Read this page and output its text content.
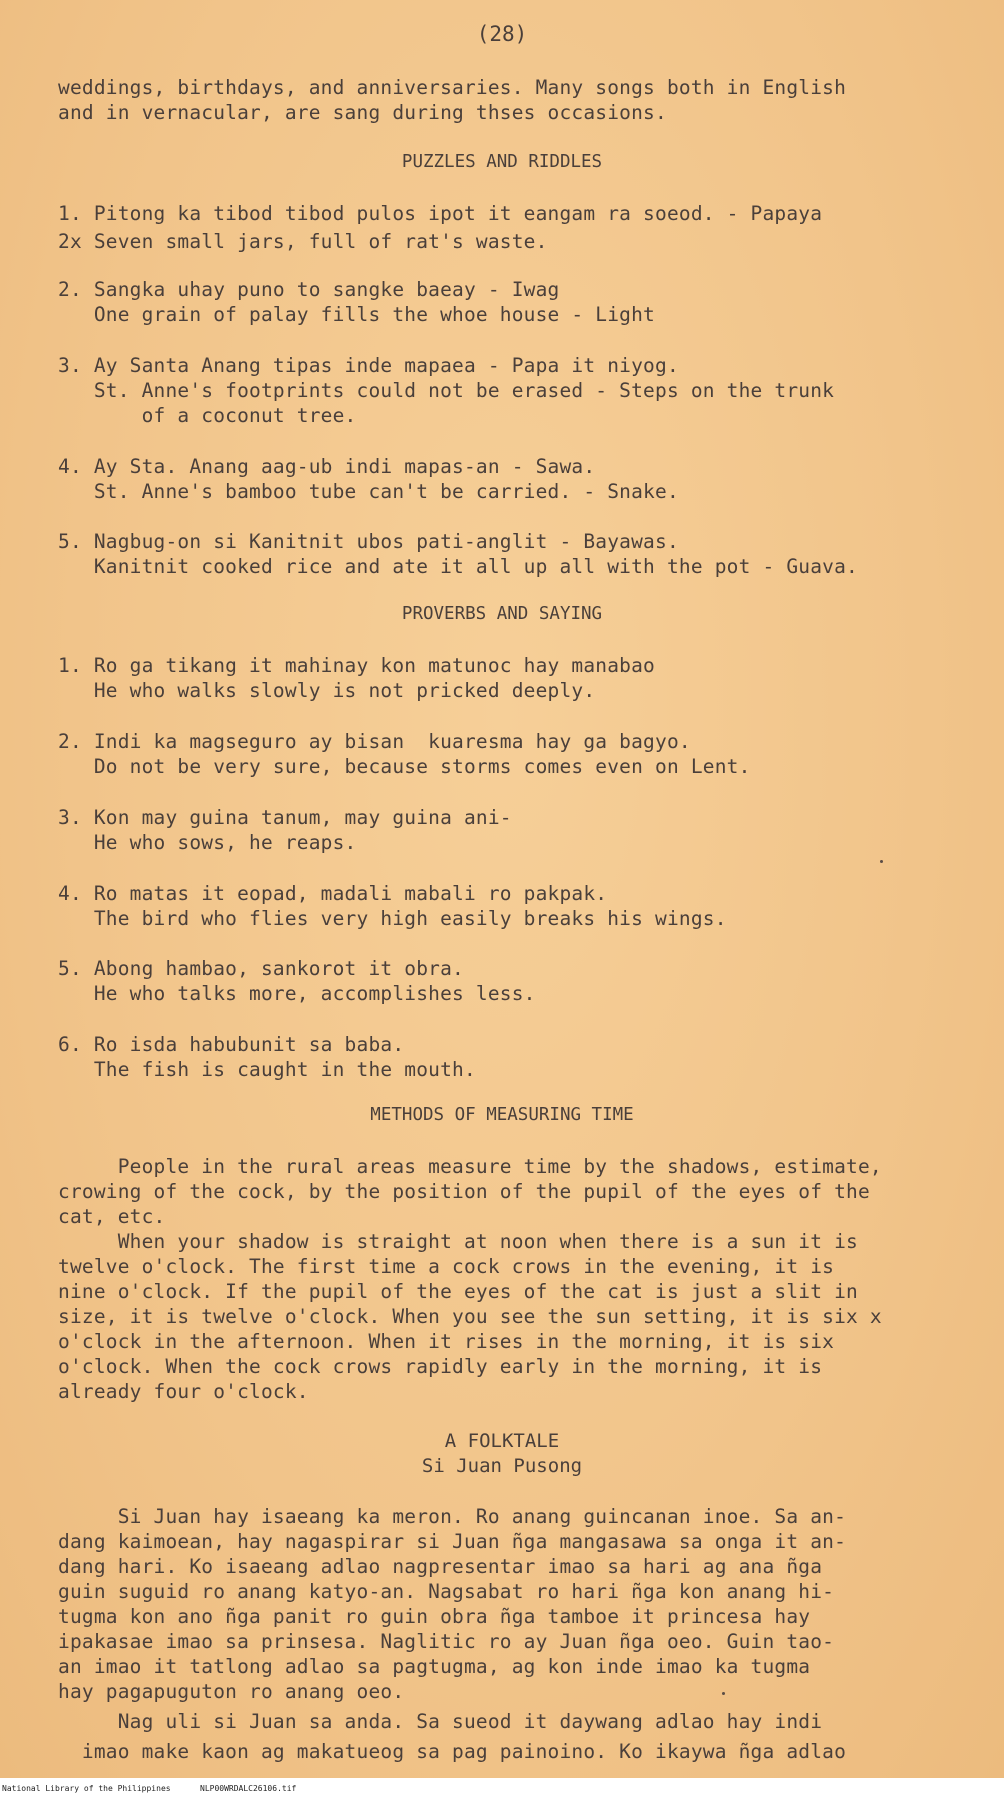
(28)
weddings, birthdays, and anniversaries. Many songs both in English
and in vernacular, are sang during thses occasions.
PUZZLES AND RIDDLES
1. Pitong ka tibod tibod pulos ipot it eangam ra soeod. - Papaya
2x Seven small jars, full of rat's waste.
2. Sangka uhay puno to sangke baeay - Iwag
One grain of palay fills the whoe house - Light
3. Ay Santa Anang tipas inde mapaea - Papa it niyog.
St. Anne's footprints could not be erased - Steps on the trunk
of a coconut tree.
4. Ay Sta. Anang aag-ub indi mapas-an - Sawa.
St. Anne's bamboo tube can't be carried. - Snake.
5. Nagbug-on si Kanitnit ubos pati-anglit - Bayawas.
Kanitnit cooked rice and ate it all up all with the pot - Guava.
PROVERBS AND SAYING
1. Ro ga tikang it mahinay kon matunoc hay manabao
He who walks slowly is not pricked deeply.
2. Indi ka magseguro ay bisan  kuaresma hay ga bagyo.
Do not be very sure, because storms comes even on Lent.
3. Kon may guina tanum, may guina ani-
He who sows, he reaps.
4. Ro matas it eopad, madali mabali ro pakpak.
The bird who flies very high easily breaks his wings.
5. Abong hambao, sankorot it obra.
He who talks more, accomplishes less.
6. Ro isda habubunit sa baba.
The fish is caught in the mouth.
METHODS OF MEASURING TIME
People in the rural areas measure time by the shadows, estimate,
crowing of the cock, by the position of the pupil of the eyes of the
cat, etc.
When your shadow is straight at noon when there is a sun it is
twelve o'clock. The first time a cock crows in the evening, it is
nine o'clock. If the pupil of the eyes of the cat is just a slit in
size, it is twelve o'clock. When you see the sun setting, it is six x
o'clock in the afternoon. When it rises in the morning, it is six
o'clock. When the cock crows rapidly early in the morning, it is
already four o'clock.
A FOLKTALE
Si Juan Pusong
Si Juan hay isaeang ka meron. Ro anang guincanan inoe. Sa an-
dang kaimoean, hay nagaspirar si Juan ñga mangasawa sa onga it an-
dang hari. Ko isaeang adlao nagpresentar imao sa hari ag ana ñga
guin suguid ro anang katyo-an. Nagsabat ro hari ñga kon anang hi-
tugma kon ano ñga panit ro guin obra ñga tamboe it princesa hay
ipakasae imao sa prinsesa. Naglitic ro ay Juan ñga oeo. Guin tao-
an imao it tatlong adlao sa pagtugma, ag kon inde imao ka tugma
hay pagapuguton ro anang oeo.
Nag uli si Juan sa anda. Sa sueod it daywang adlao hay indi
imao make kaon ag makatueog sa pag painoino. Ko ikaywa ñga adlao
National Library of the Philippines	NLP00WRDALC26106.tif
